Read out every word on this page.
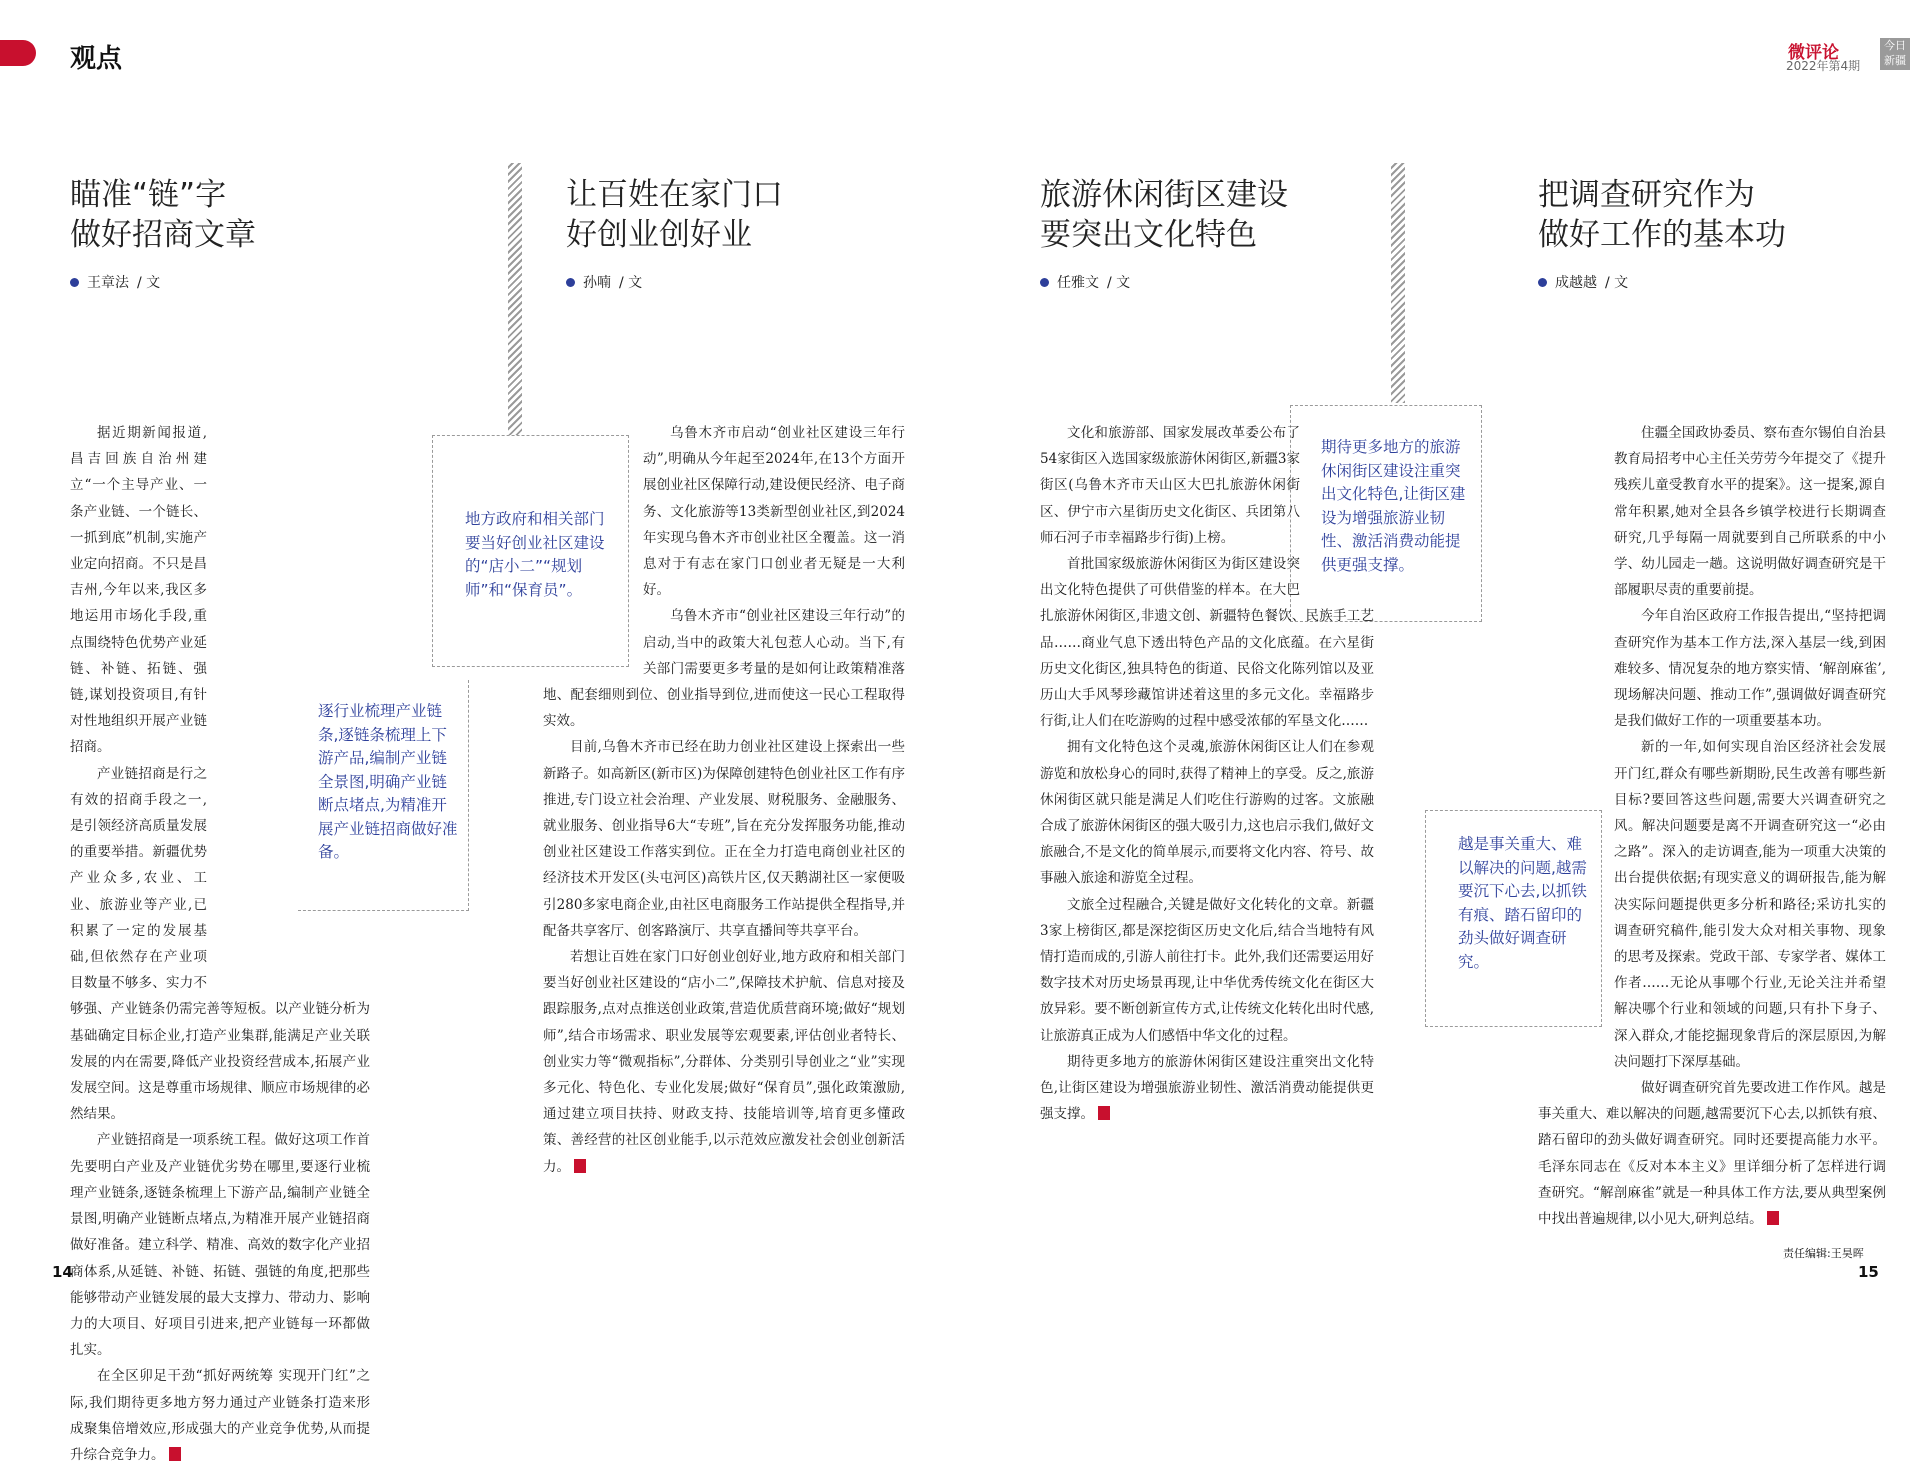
观点	微评论
2022年第4期
今日新疆
瞄准“链”字
做好招商文章
王章法 / 文

据近期新闻报道,昌吉回族自治州建立“一个主导产业、一条产业链、一个链长、一抓到底”机制,实施产业定向招商。不只是昌吉州,今年以来,我区多地运用市场化手段,重点围绕特色优势产业延链、补链、拓链、强链,谋划投资项目,有针对性地组织开展产业链招商。

产业链招商是行之有效的招商手段之一,是引领经济高质量发展的重要举措。新疆优势产业众多,农业、工业、旅游业等产业,已积累了一定的发展基础,但依然存在产业项目数量不够多、实力不够强、产业链条仍需完善等短板。以产业链分析为基础确定目标企业,打造产业集群,能满足产业关联发展的内在需要,降低产业投资经营成本,拓展产业发展空间。这是尊重市场规律、顺应市场规律的必然结果。

产业链招商是一项系统工程。做好这项工作首先要明白产业及产业链优劣势在哪里,要逐行业梳理产业链条,逐链条梳理上下游产品,编制产业链全景图,明确产业链断点堵点,为精准开展产业链招商做好准备。建立科学、精准、高效的数字化产业招商体系,从延链、补链、拓链、强链的角度,把那些能够带动产业链发展的最大支撑力、带动力、影响力的大项目、好项目引进来,把产业链每一环都做扎实。

在全区卯足干劲“抓好两统筹 实现开门红”之际,我们期待更多地方努力通过产业链条打造来形成聚集倍增效应,形成强大的产业竞争优势,从而提升综合竞争力。

逐行业梳理产业链条,逐链条梳理上下游产品,编制产业链全景图,明确产业链断点堵点,为精准开展产业链招商做好准备。
让百姓在家门口
好创业创好业
孙喃 / 文
地方政府和相关部门要当好创业社区建设的“店小二”“规划师”和“保育员”。

乌鲁木齐市启动“创业社区建设三年行动”,明确从今年起至2024年,在13个方面开展创业社区保障行动,建设便民经济、电子商务、文化旅游等13类新型创业社区,到2024年实现乌鲁木齐市创业社区全覆盖。这一消息对于有志在家门口创业者无疑是一大利好。

乌鲁木齐市“创业社区建设三年行动”的启动,当中的政策大礼包惹人心动。当下,有关部门需要更多考量的是如何让政策精准落地、配套细则到位、创业指导到位,进而使这一民心工程取得实效。

目前,乌鲁木齐市已经在助力创业社区建设上探索出一些新路子。如高新区(新市区)为保障创建特色创业社区工作有序推进,专门设立社会治理、产业发展、财税服务、金融服务、就业服务、创业指导6大“专班”,旨在充分发挥服务功能,推动创业社区建设工作落实到位。正在全力打造电商创业社区的经济技术开发区(头屯河区)高铁片区,仅天鹅湖社区一家便吸引280多家电商企业,由社区电商服务工作站提供全程指导,并配备共享客厅、创客路演厅、共享直播间等共享平台。

若想让百姓在家门口好创业创好业,地方政府和相关部门要当好创业社区建设的“店小二”,保障技术护航、信息对接及跟踪服务,点对点推送创业政策,营造优质营商环境;做好“规划师”,结合市场需求、职业发展等宏观要素,评估创业者特长、创业实力等“微观指标”,分群体、分类别引导创业之“业”实现多元化、特色化、专业化发展;做好“保育员”,强化政策激励,通过建立项目扶持、财政支持、技能培训等,培育更多懂政策、善经营的社区创业能手,以示范效应激发社会创业创新活力。

旅游休闲街区建设
要突出文化特色
任雅文 / 文
期待更多地方的旅游休闲街区建设注重突出文化特色,让街区建设为增强旅游业韧性、激活消费动能提供更强支撑。

文化和旅游部、国家发展改革委公布了54家街区入选国家级旅游休闲街区,新疆3家街区(乌鲁木齐市天山区大巴扎旅游休闲街区、伊宁市六星街历史文化街区、兵团第八师石河子市幸福路步行街)上榜。

首批国家级旅游休闲街区为街区建设突出文化特色提供了可供借鉴的样本。在大巴扎旅游休闲街区,非遗文创、新疆特色餐饮、民族手工艺品……商业气息下透出特色产品的文化底蕴。在六星街历史文化街区,独具特色的街道、民俗文化陈列馆以及亚历山大手风琴珍藏馆讲述着这里的多元文化。幸福路步行街,让人们在吃游购的过程中感受浓郁的军垦文化……

拥有文化特色这个灵魂,旅游休闲街区让人们在参观游览和放松身心的同时,获得了精神上的享受。反之,旅游休闲街区就只能是满足人们吃住行游购的过客。文旅融合成了旅游休闲街区的强大吸引力,这也启示我们,做好文旅融合,不是文化的简单展示,而要将文化内容、符号、故事融入旅途和游览全过程。

文旅全过程融合,关键是做好文化转化的文章。新疆3家上榜街区,都是深挖街区历史文化后,结合当地特有风情打造而成的,引游人前往打卡。此外,我们还需要运用好数字技术对历史场景再现,让中华优秀传统文化在街区大放异彩。要不断创新宣传方式,让传统文化转化出时代感,让旅游真正成为人们感悟中华文化的过程。

期待更多地方的旅游休闲街区建设注重突出文化特色,让街区建设为增强旅游业韧性、激活消费动能提供更强支撑。

把调查研究作为
做好工作的基本功
成越越 / 文
越是事关重大、难以解决的问题,越需要沉下心去,以抓铁有痕、踏石留印的劲头做好调查研究。

住疆全国政协委员、察布查尔锡伯自治县教育局招考中心主任关劳劳今年提交了《提升残疾儿童受教育水平的提案》。这一提案,源自常年积累,她对全县各乡镇学校进行长期调查研究,几乎每隔一周就要到自己所联系的中小学、幼儿园走一趟。这说明做好调查研究是干部履职尽责的重要前提。

今年自治区政府工作报告提出,“坚持把调查研究作为基本工作方法,深入基层一线,到困难较多、情况复杂的地方察实情、‘解剖麻雀’,现场解决问题、推动工作”,强调做好调查研究是我们做好工作的一项重要基本功。

新的一年,如何实现自治区经济社会发展开门红,群众有哪些新期盼,民生改善有哪些新目标?要回答这些问题,需要大兴调查研究之风。解决问题要是离不开调查研究这一“必由之路”。深入的走访调查,能为一项重大决策的出台提供依据;有现实意义的调研报告,能为解决实际问题提供更多分析和路径;采访扎实的调查研究稿件,能引发大众对相关事物、现象的思考及探索。党政干部、专家学者、媒体工作者……无论从事哪个行业,无论关注并希望解决哪个行业和领域的问题,只有扑下身子、深入群众,才能挖掘现象背后的深层原因,为解决问题打下深厚基础。

做好调查研究首先要改进工作作风。越是事关重大、难以解决的问题,越需要沉下心去,以抓铁有痕、踏石留印的劲头做好调查研究。同时还要提高能力水平。毛泽东同志在《反对本本主义》里详细分析了怎样进行调查研究。“解剖麻雀”就是一种具体工作方法,要从典型案例中找出普遍规律,以小见大,研判总结。

14
责任编辑:王昊晖
15
